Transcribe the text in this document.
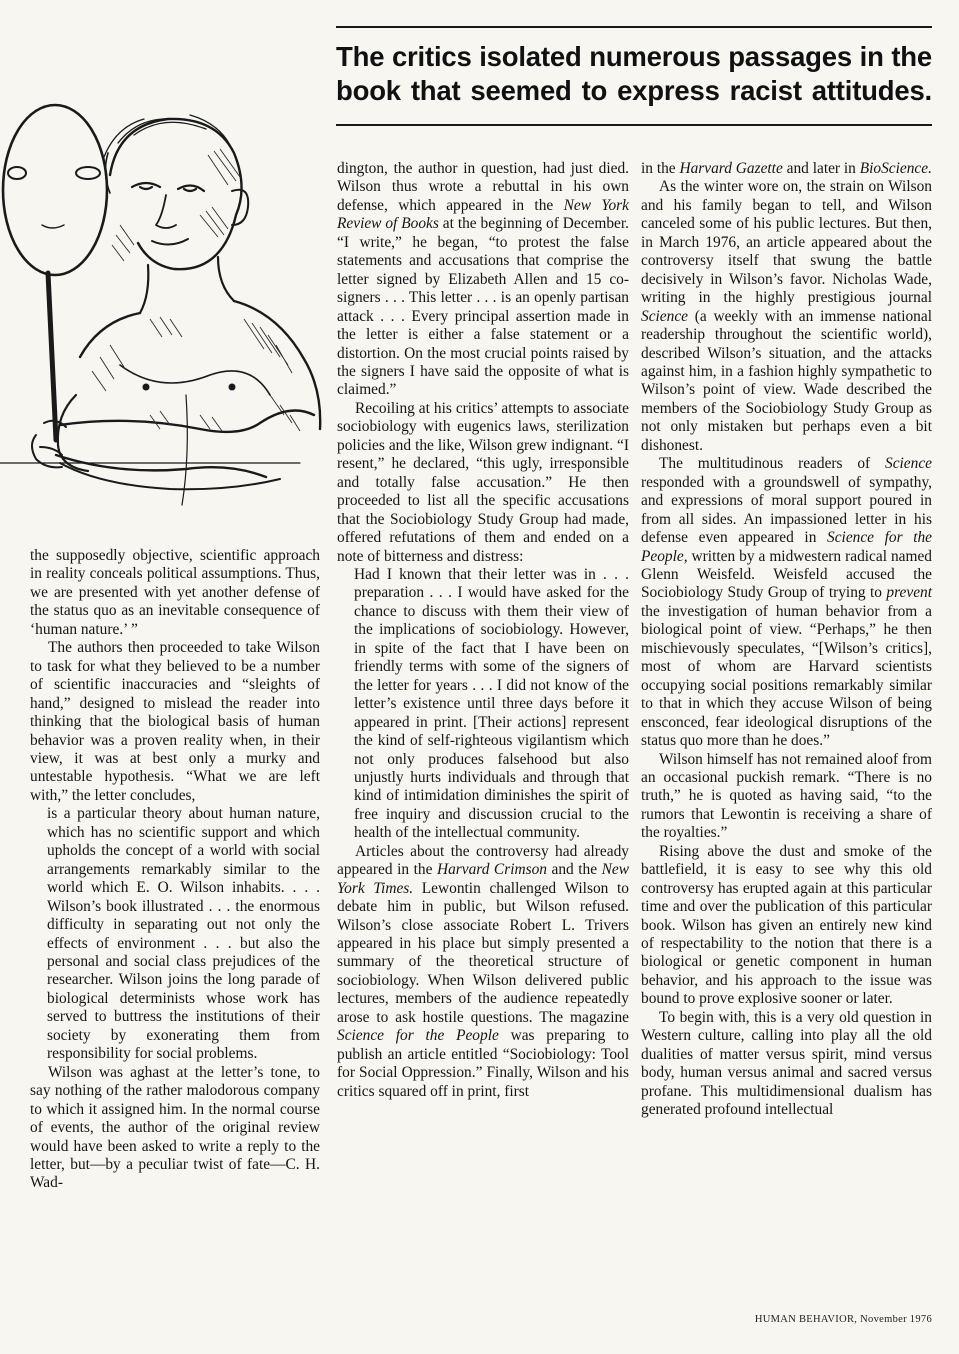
The critics isolated numerous passages in the
book that seemed to express racist attitudes.

the supposedly objective, scientific approach in reality conceals political assumptions. Thus, we are presented with yet another defense of the status quo as an inevitable consequence of ‘human nature.’ ”

The authors then proceeded to take Wilson to task for what they believed to be a number of scientific inaccuracies and “sleights of hand,” designed to mislead the reader into thinking that the biological basis of human behavior was a proven reality when, in their view, it was at best only a murky and untestable hypothesis. “What we are left with,” the letter concludes,

is a particular theory about human nature, which has no scientific support and which upholds the concept of a world with social arrangements remarkably similar to the world which E. O. Wilson inhabits. . . . Wilson’s book illustrated . . . the enormous difficulty in separating out not only the effects of environment . . . but also the personal and social class prejudices of the researcher. Wilson joins the long parade of biological determinists whose work has served to buttress the institutions of their society by exonerating them from responsibility for social problems.

Wilson was aghast at the letter’s tone, to say nothing of the rather malodorous company to which it assigned him. In the normal course of events, the author of the original review would have been asked to write a reply to the letter, but—by a peculiar twist of fate—C. H. Wad-

dington, the author in question, had just died. Wilson thus wrote a rebuttal in his own defense, which appeared in the New York Review of Books at the beginning of December. “I write,” he began, “to protest the false statements and accusations that comprise the letter signed by Elizabeth Allen and 15 co-signers . . . This letter . . . is an openly partisan attack . . . Every principal assertion made in the letter is either a false statement or a distortion. On the most crucial points raised by the signers I have said the opposite of what is claimed.”

Recoiling at his critics’ attempts to associate sociobiology with eugenics laws, sterilization policies and the like, Wilson grew indignant. “I resent,” he declared, “this ugly, irresponsible and totally false accusation.” He then proceeded to list all the specific accusations that the Sociobiology Study Group had made, offered refutations of them and ended on a note of bitterness and distress:

Had I known that their letter was in . . . preparation . . . I would have asked for the chance to discuss with them their view of the implications of sociobiology. However, in spite of the fact that I have been on friendly terms with some of the signers of the letter for years . . . I did not know of the letter’s existence until three days before it appeared in print. [Their actions] represent the kind of self-righteous vigilantism which not only produces falsehood but also unjustly hurts individuals and through that kind of intimidation diminishes the spirit of free inquiry and discussion crucial to the health of the intellectual community.

Articles about the controversy had already appeared in the Harvard Crimson and the New York Times. Lewontin challenged Wilson to debate him in public, but Wilson refused. Wilson’s close associate Robert L. Trivers appeared in his place but simply presented a summary of the theoretical structure of sociobiology. When Wilson delivered public lectures, members of the audience repeatedly arose to ask hostile questions. The magazine Science for the People was preparing to publish an article entitled “Sociobiology: Tool for Social Oppression.” Finally, Wilson and his critics squared off in print, first

in the Harvard Gazette and later in BioScience.

As the winter wore on, the strain on Wilson and his family began to tell, and Wilson canceled some of his public lectures. But then, in March 1976, an article appeared about the controversy itself that swung the battle decisively in Wilson’s favor. Nicholas Wade, writing in the highly prestigious journal Science (a weekly with an immense national readership throughout the scientific world), described Wilson’s situation, and the attacks against him, in a fashion highly sympathetic to Wilson’s point of view. Wade described the members of the Sociobiology Study Group as not only mistaken but perhaps even a bit dishonest.

The multitudinous readers of Science responded with a groundswell of sympathy, and expressions of moral support poured in from all sides. An impassioned letter in his defense even appeared in Science for the People, written by a midwestern radical named Glenn Weisfeld. Weisfeld accused the Sociobiology Study Group of trying to prevent the investigation of human behavior from a biological point of view. “Perhaps,” he then mischievously speculates, “[Wilson’s critics], most of whom are Harvard scientists occupying social positions remarkably similar to that in which they accuse Wilson of being ensconced, fear ideological disruptions of the status quo more than he does.”

Wilson himself has not remained aloof from an occasional puckish remark. “There is no truth,” he is quoted as having said, “to the rumors that Lewontin is receiving a share of the royalties.”

Rising above the dust and smoke of the battlefield, it is easy to see why this old controversy has erupted again at this particular time and over the publication of this particular book. Wilson has given an entirely new kind of respectability to the notion that there is a biological or genetic component in human behavior, and his approach to the issue was bound to prove explosive sooner or later.

To begin with, this is a very old question in Western culture, calling into play all the old dualities of matter versus spirit, mind versus body, human versus animal and sacred versus profane. This multidimensional dualism has generated profound intellectual

HUMAN BEHAVIOR, November 1976
